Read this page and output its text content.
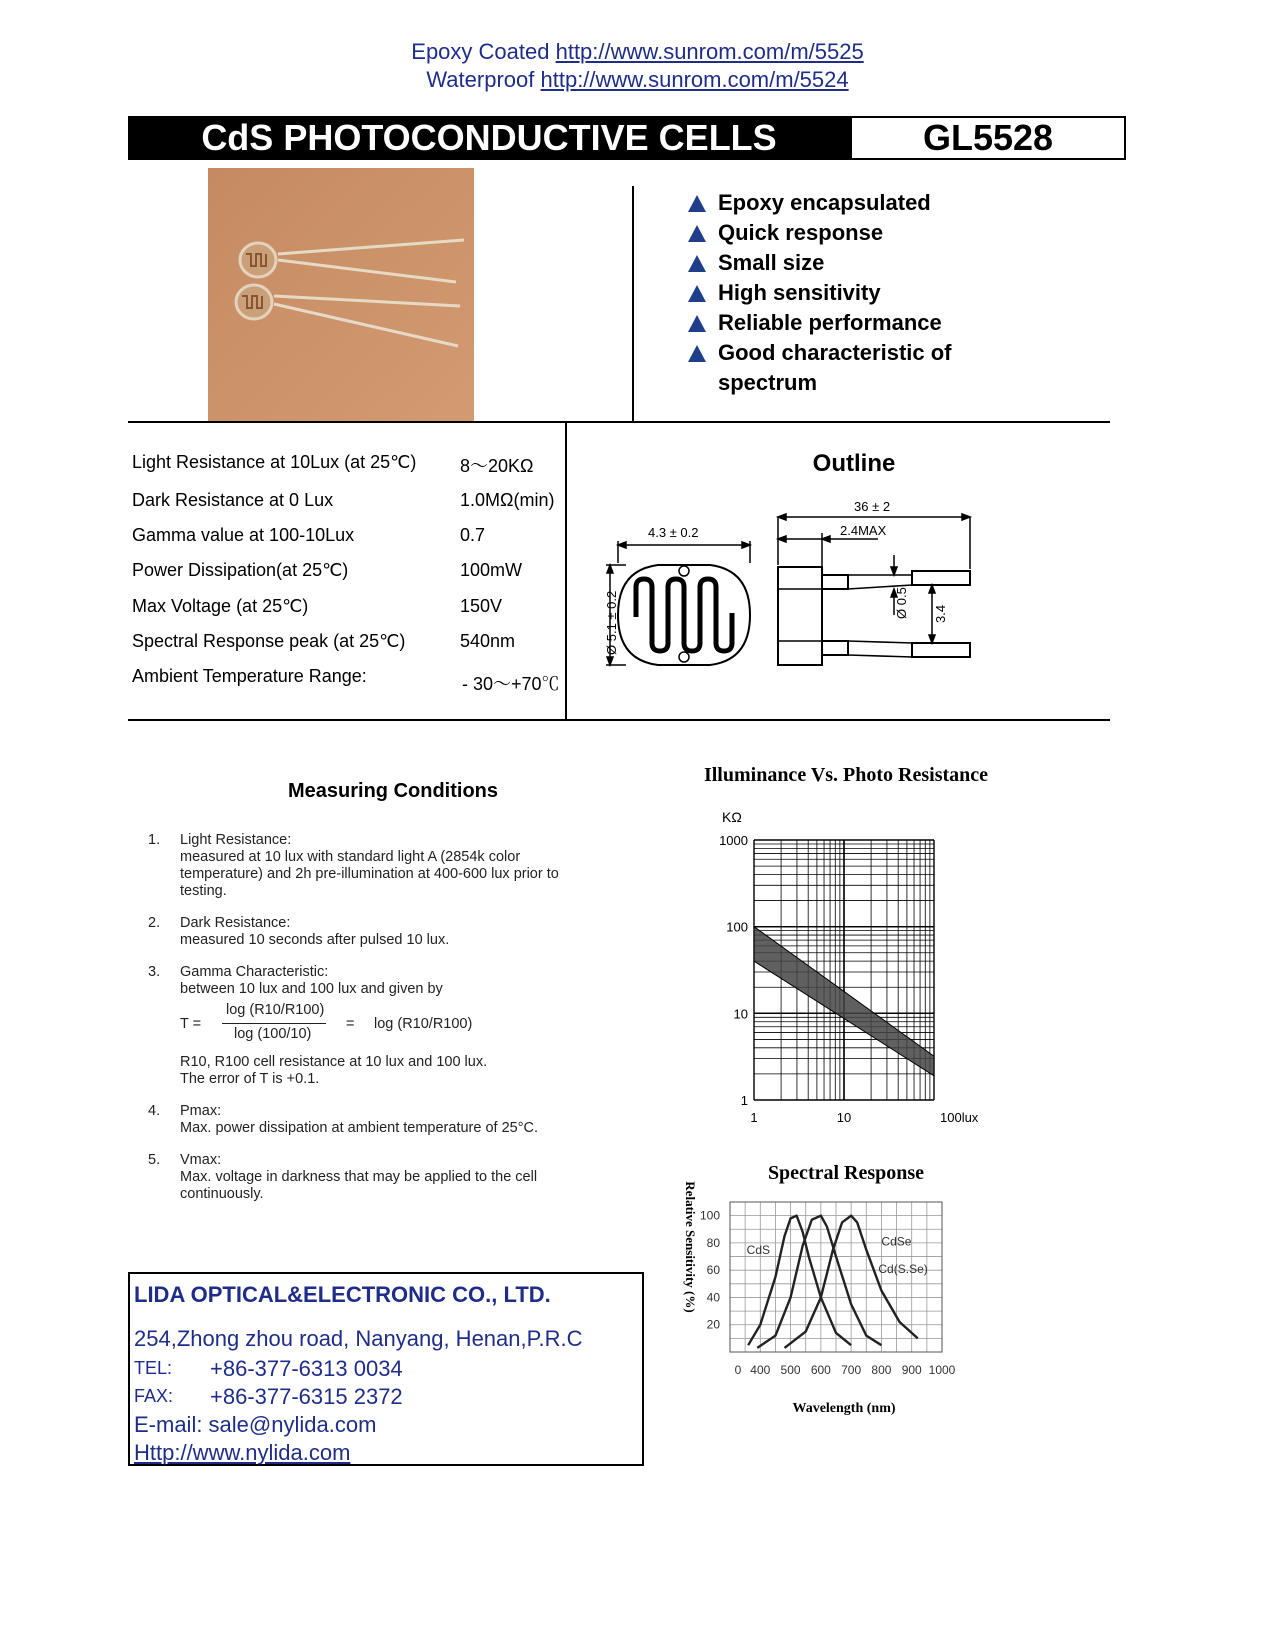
Epoxy Coated http://www.sunrom.com/m/5525
Waterproof http://www.sunrom.com/m/5524
CdS PHOTOCONDUCTIVE CELLS	GL5528
Epoxy encapsulated
Quick response
Small size
High sensitivity
Reliable performance
Good characteristic of
spectrum
Light Resistance at 10Lux (at 25℃) 8～20KΩ
Dark Resistance at 0 Lux	1.0MΩ(min)
Gamma value at 100-10Lux	0.7
Power Dissipation(at 25℃)	100mW
Max Voltage (at 25℃)	150V
Spectral Response peak (at 25℃)	540nm
Ambient Temperature Range:	- 30～+70℃
Outline
4.3 ± 0.2
36 ± 2
2.4MAX
Ø 5.1 ± 0.2	Ø 0.5 3.4
Measuring Conditions
1. Light Resistance:
measured at 10 lux with standard light A (2854k color temperature) and 2h pre-illumination at 400-600 lux prior to testing.
2. Dark Resistance:
measured 10 seconds after pulsed 10 lux.
3. Gamma Characteristic:
between 10 lux and 100 lux and given by
T =
log (R10/R100)
log (100/10)
= log (R10/R100)
R10, R100 cell resistance at 10 lux and 100 lux.
The error of T is +0.1.
4. Pmax:
Max. power dissipation at ambient temperature of 25°C.
5. Vmax:
Max. voltage in darkness that may be applied to the cell continuously.
LIDA OPTICAL&ELECTRONIC CO., LTD.
254,Zhong zhou road, Nanyang, Henan,P.R.C
TEL: +86-377-6313 0034
FAX: +86-377-6315 2372
E-mail: sale@nylida.com
Http://www.nylida.com
Illuminance Vs. Photo Resistance
KΩ
1000
100
10
1
1	10	100lux
Spectral Response
CdS
Cd(S.Se)
CdSe
100
80
60
40
20
0 400 500 600 700 800 900 1000
Wavelength (nm)
Relative Sensitivity (%)
